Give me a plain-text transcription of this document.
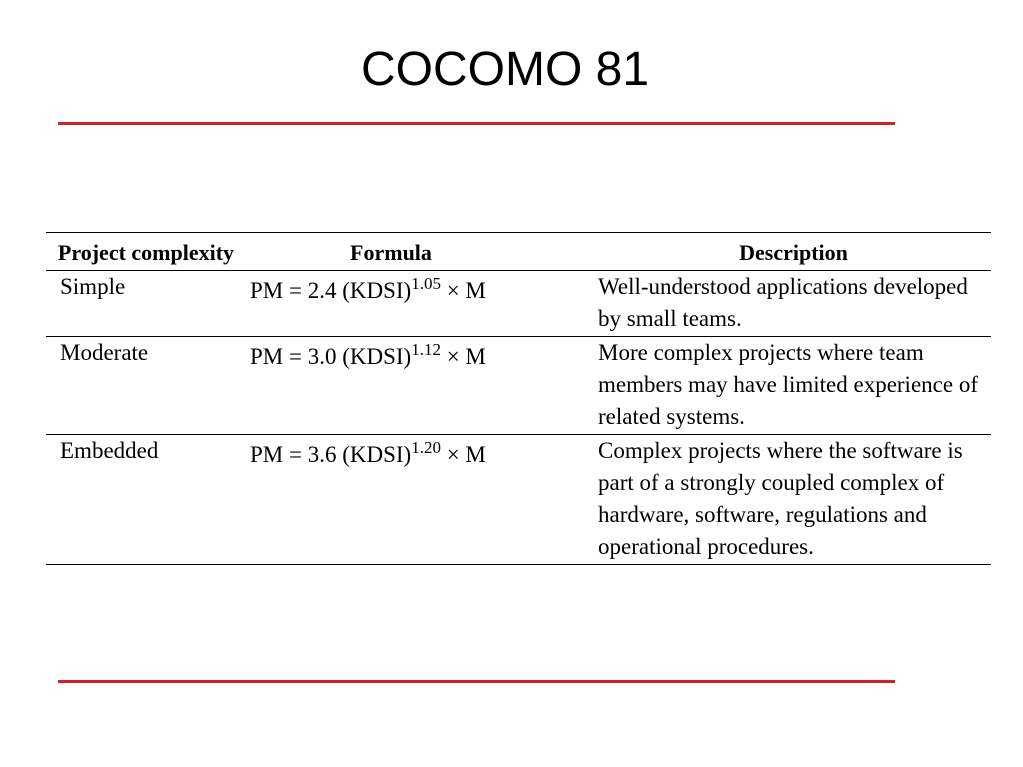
COCOMO 81
Project complexity	Formula	Description
Simple	PM = 2.4 (KDSI)$^{1.05}$ × M	Well-understood applications developed by small teams.
Moderate	PM = 3.0 (KDSI)$^{1.12}$ × M	More complex projects where team members may have limited experience of related systems.
Embedded	PM = 3.6 (KDSI)$^{1.20}$ × M	Complex projects where the software is part of a strongly coupled complex of hardware, software, regulations and operational procedures.
